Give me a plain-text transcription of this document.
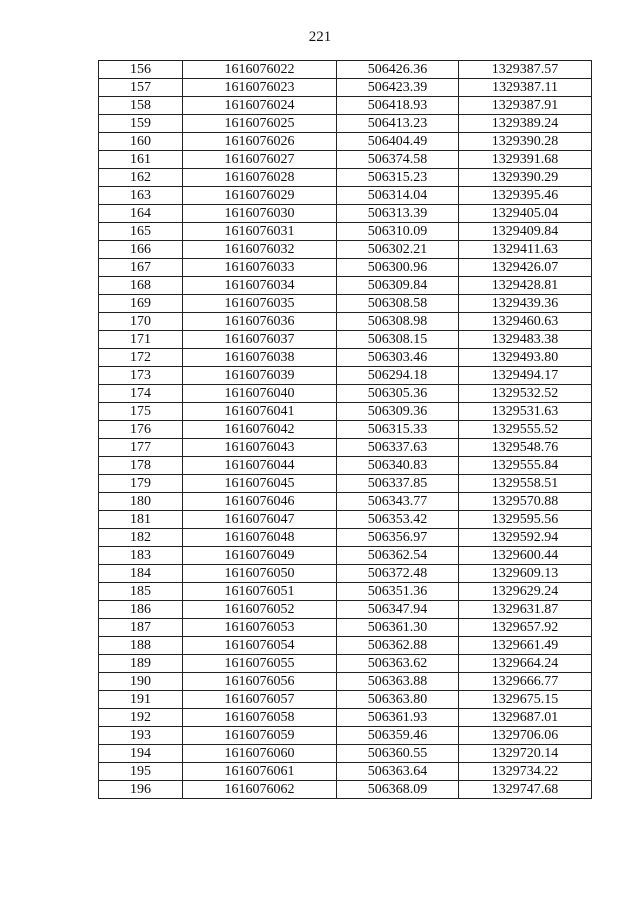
221
156	1616076022	506426.36	1329387.57
157	1616076023	506423.39	1329387.11
158	1616076024	506418.93	1329387.91
159	1616076025	506413.23	1329389.24
160	1616076026	506404.49	1329390.28
161	1616076027	506374.58	1329391.68
162	1616076028	506315.23	1329390.29
163	1616076029	506314.04	1329395.46
164	1616076030	506313.39	1329405.04
165	1616076031	506310.09	1329409.84
166	1616076032	506302.21	1329411.63
167	1616076033	506300.96	1329426.07
168	1616076034	506309.84	1329428.81
169	1616076035	506308.58	1329439.36
170	1616076036	506308.98	1329460.63
171	1616076037	506308.15	1329483.38
172	1616076038	506303.46	1329493.80
173	1616076039	506294.18	1329494.17
174	1616076040	506305.36	1329532.52
175	1616076041	506309.36	1329531.63
176	1616076042	506315.33	1329555.52
177	1616076043	506337.63	1329548.76
178	1616076044	506340.83	1329555.84
179	1616076045	506337.85	1329558.51
180	1616076046	506343.77	1329570.88
181	1616076047	506353.42	1329595.56
182	1616076048	506356.97	1329592.94
183	1616076049	506362.54	1329600.44
184	1616076050	506372.48	1329609.13
185	1616076051	506351.36	1329629.24
186	1616076052	506347.94	1329631.87
187	1616076053	506361.30	1329657.92
188	1616076054	506362.88	1329661.49
189	1616076055	506363.62	1329664.24
190	1616076056	506363.88	1329666.77
191	1616076057	506363.80	1329675.15
192	1616076058	506361.93	1329687.01
193	1616076059	506359.46	1329706.06
194	1616076060	506360.55	1329720.14
195	1616076061	506363.64	1329734.22
196	1616076062	506368.09	1329747.68
